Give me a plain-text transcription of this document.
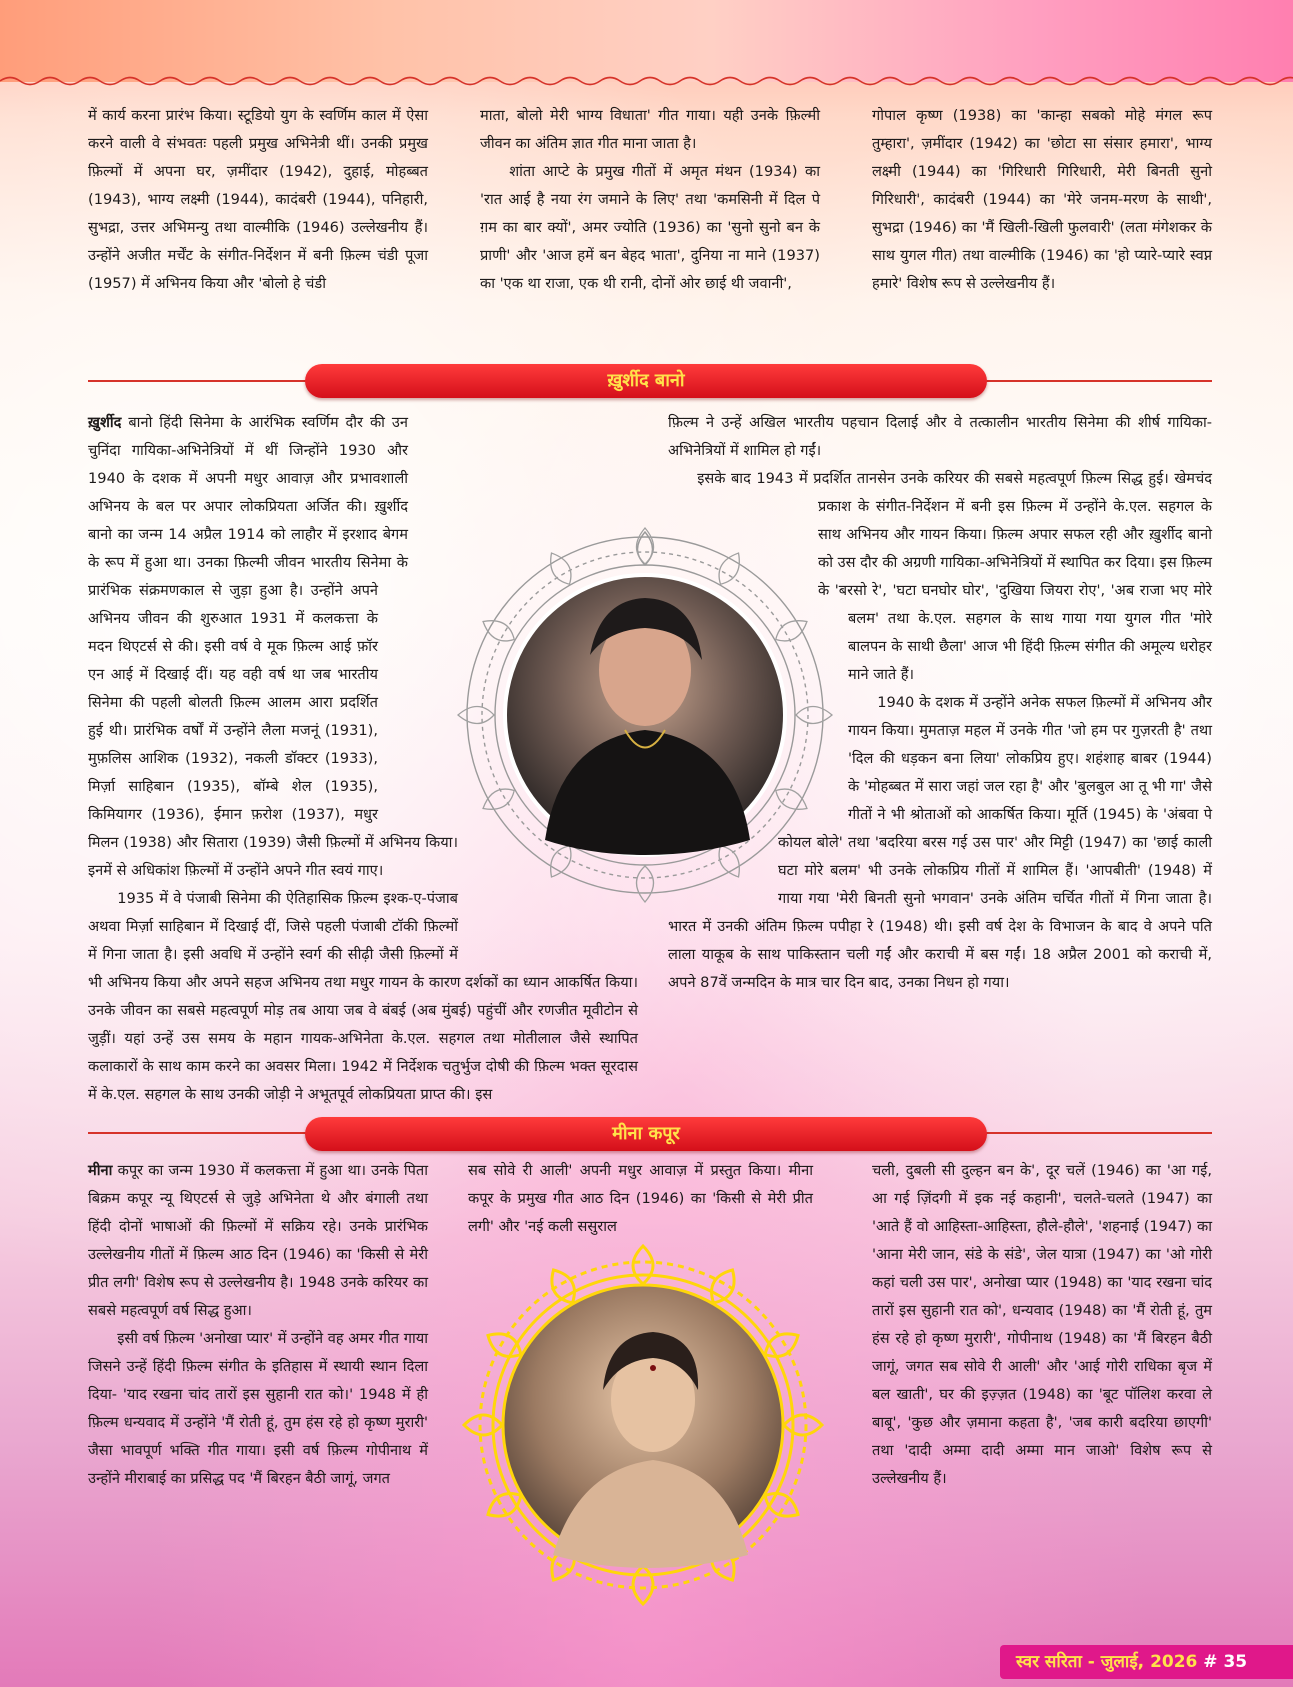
में कार्य करना प्रारंभ किया। स्टूडियो युग के स्वर्णिम काल में ऐसा करने वाली वे संभवतः पहली प्रमुख अभिनेत्री थीं। उनकी प्रमुख फ़िल्मों में अपना घर, ज़मींदार (1942), दुहाई, मोहब्बत (1943), भाग्य लक्ष्मी (1944), कादंबरी (1944), पनिहारी, सुभद्रा, उत्तर अभिमन्यु तथा वाल्मीकि (1946) उल्लेखनीय हैं। उन्होंने अजीत मर्चेंट के संगीत-निर्देशन में बनी फ़िल्म चंडी पूजा (1957) में अभिनय किया और 'बोलो हे चंडी

माता, बोलो मेरी भाग्य विधाता' गीत गाया। यही उनके फ़िल्मी जीवन का अंतिम ज्ञात गीत माना जाता है।

शांता आप्टे के प्रमुख गीतों में अमृत मंथन (1934) का 'रात आई है नया रंग जमाने के लिए' तथा 'कमसिनी में दिल पे ग़म का बार क्यों', अमर ज्योति (1936) का 'सुनो सुनो बन के प्राणी' और 'आज हमें बन बेहद भाता', दुनिया ना माने (1937) का 'एक था राजा, एक थी रानी, दोनों ओर छाई थी जवानी',

गोपाल कृष्ण (1938) का 'कान्हा सबको मोहे मंगल रूप तुम्हारा', ज़मींदार (1942) का 'छोटा सा संसार हमारा', भाग्य लक्ष्मी (1944) का 'गिरिधारी गिरिधारी, मेरी बिनती सुनो गिरिधारी', कादंबरी (1944) का 'मेरे जनम-मरण के साथी', सुभद्रा (1946) का 'मैं खिली-खिली फुलवारी' (लता मंगेशकर के साथ युगल गीत) तथा वाल्मीकि (1946) का 'हो प्यारे-प्यारे स्वप्न हमारे' विशेष रूप से उल्लेखनीय हैं।

ख़ुर्शीद बानो

ख़ुर्शीद बानो हिंदी सिनेमा के आरंभिक स्वर्णिम दौर की उन चुनिंदा गायिका-अभिनेत्रियों में थीं जिन्होंने 1930 और 1940 के दशक में अपनी मधुर आवाज़ और प्रभावशाली अभिनय के बल पर अपार लोकप्रियता अर्जित की। ख़ुर्शीद बानो का जन्म 14 अप्रैल 1914 को लाहौर में इरशाद बेगम के रूप में हुआ था। उनका फ़िल्मी जीवन भारतीय सिनेमा के प्रारंभिक संक्रमणकाल से जुड़ा हुआ है। उन्होंने अपने अभिनय जीवन की शुरुआत 1931 में कलकत्ता के मदन थिएटर्स से की। इसी वर्ष वे मूक फ़िल्म आई फ़ॉर एन आई में दिखाई दीं। यह वही वर्ष था जब भारतीय सिनेमा की पहली बोलती फ़िल्म आलम आरा प्रदर्शित हुई थी। प्रारंभिक वर्षों में उन्होंने लैला मजनूं (1931), मुफ़लिस आशिक (1932), नकली डॉक्टर (1933), मिर्ज़ा साहिबान (1935), बॉम्बे शेल (1935), किमियागर (1936), ईमान फ़रोश (1937), मधुर मिलन (1938) और सितारा (1939) जैसी फ़िल्मों में अभिनय किया। इनमें से अधिकांश फ़िल्मों में उन्होंने अपने गीत स्वयं गाए।

1935 में वे पंजाबी सिनेमा की ऐतिहासिक फ़िल्म इश्क-ए-पंजाब अथवा मिर्ज़ा साहिबान में दिखाई दीं, जिसे पहली पंजाबी टॉकी फ़िल्मों में गिना जाता है। इसी अवधि में उन्होंने स्वर्ग की सीढ़ी जैसी फ़िल्मों में भी अभिनय किया और अपने सहज अभिनय तथा मधुर गायन के कारण दर्शकों का ध्यान आकर्षित किया। उनके जीवन का सबसे महत्वपूर्ण मोड़ तब आया जब वे बंबई (अब मुंबई) पहुंचीं और रणजीत मूवीटोन से जुड़ीं। यहां उन्हें उस समय के महान गायक-अभिनेता के.एल. सहगल तथा मोतीलाल जैसे स्थापित कलाकारों के साथ काम करने का अवसर मिला। 1942 में निर्देशक चतुर्भुज दोषी की फ़िल्म भक्त सूरदास में के.एल. सहगल के साथ उनकी जोड़ी ने अभूतपूर्व लोकप्रियता प्राप्त की। इस

फ़िल्म ने उन्हें अखिल भारतीय पहचान दिलाई और वे तत्कालीन भारतीय सिनेमा की शीर्ष गायिका-अभिनेत्रियों में शामिल हो गईं।

इसके बाद 1943 में प्रदर्शित तानसेन उनके करियर की सबसे महत्वपूर्ण फ़िल्म सिद्ध हुई। खेमचंद प्रकाश के संगीत-निर्देशन में बनी इस फ़िल्म में उन्होंने के.एल. सहगल के साथ अभिनय और गायन किया। फ़िल्म अपार सफल रही और ख़ुर्शीद बानो को उस दौर की अग्रणी गायिका-अभिनेत्रियों में स्थापित कर दिया। इस फ़िल्म के 'बरसो रे', 'घटा घनघोर घोर', 'दुखिया जियरा रोए', 'अब राजा भए मोरे बलम' तथा के.एल. सहगल के साथ गाया गया युगल गीत 'मोरे बालपन के साथी छैला' आज भी हिंदी फ़िल्म संगीत की अमूल्य धरोहर माने जाते हैं।

1940 के दशक में उन्होंने अनेक सफल फ़िल्मों में अभिनय और गायन किया। मुमताज़ महल में उनके गीत 'जो हम पर गुज़रती है' तथा 'दिल की धड़कन बना लिया' लोकप्रिय हुए। शहंशाह बाबर (1944) के 'मोहब्बत में सारा जहां जल रहा है' और 'बुलबुल आ तू भी गा' जैसे गीतों ने भी श्रोताओं को आकर्षित किया। मूर्ति (1945) के 'अंबवा पे कोयल बोले' तथा 'बदरिया बरस गई उस पार' और मिट्टी (1947) का 'छाई काली घटा मोरे बलम' भी उनके लोकप्रिय गीतों में शामिल हैं। 'आपबीती' (1948) में गाया गया 'मेरी बिनती सुनो भगवान' उनके अंतिम चर्चित गीतों में गिना जाता है। भारत में उनकी अंतिम फ़िल्म पपीहा रे (1948) थी। इसी वर्ष देश के विभाजन के बाद वे अपने पति लाला याकूब के साथ पाकिस्तान चली गईं और कराची में बस गईं। 18 अप्रैल 2001 को कराची में, अपने 87वें जन्मदिन के मात्र चार दिन बाद, उनका निधन हो गया।

मीना कपूर

मीना कपूर का जन्म 1930 में कलकत्ता में हुआ था। उनके पिता बिक्रम कपूर न्यू थिएटर्स से जुड़े अभिनेता थे और बंगाली तथा हिंदी दोनों भाषाओं की फ़िल्मों में सक्रिय रहे। उनके प्रारंभिक उल्लेखनीय गीतों में फ़िल्म आठ दिन (1946) का 'किसी से मेरी प्रीत लगी' विशेष रूप से उल्लेखनीय है। 1948 उनके करियर का सबसे महत्वपूर्ण वर्ष सिद्ध हुआ।

इसी वर्ष फ़िल्म 'अनोखा प्यार' में उन्होंने वह अमर गीत गाया जिसने उन्हें हिंदी फ़िल्म संगीत के इतिहास में स्थायी स्थान दिला दिया- 'याद रखना चांद तारों इस सुहानी रात को।' 1948 में ही फ़िल्म धन्यवाद में उन्होंने 'मैं रोती हूं, तुम हंस रहे हो कृष्ण मुरारी' जैसा भावपूर्ण भक्ति गीत गाया। इसी वर्ष फ़िल्म गोपीनाथ में उन्होंने मीराबाई का प्रसिद्ध पद 'मैं बिरहन बैठी जागूं, जगत

सब सोवे री आली' अपनी मधुर आवाज़ में प्रस्तुत किया। मीना कपूर के प्रमुख गीत आठ दिन (1946) का 'किसी से मेरी प्रीत लगी' और 'नई कली ससुराल

चली, दुबली सी दुल्हन बन के', दूर चलें (1946) का 'आ गई, आ गई ज़िंदगी में इक नई कहानी', चलते-चलते (1947) का 'आते हैं वो आहिस्ता-आहिस्ता, हौले-हौले', 'शहनाई (1947) का 'आना मेरी जान, संडे के संडे', जेल यात्रा (1947) का 'ओ गोरी कहां चली उस पार', अनोखा प्यार (1948) का 'याद रखना चांद तारों इस सुहानी रात को', धन्यवाद (1948) का 'मैं रोती हूं, तुम हंस रहे हो कृष्ण मुरारी', गोपीनाथ (1948) का 'मैं बिरहन बैठी जागूं, जगत सब सोवे री आली' और 'आई गोरी राधिका बृज में बल खाती', घर की इज़्ज़त (1948) का 'बूट पॉलिश करवा ले बाबू', 'कुछ और ज़माना कहता है', 'जब कारी बदरिया छाएगी' तथा 'दादी अम्मा दादी अम्मा मान जाओ' विशेष रूप से उल्लेखनीय हैं।

स्वर सरिता - जुलाई, 2026 # 35
